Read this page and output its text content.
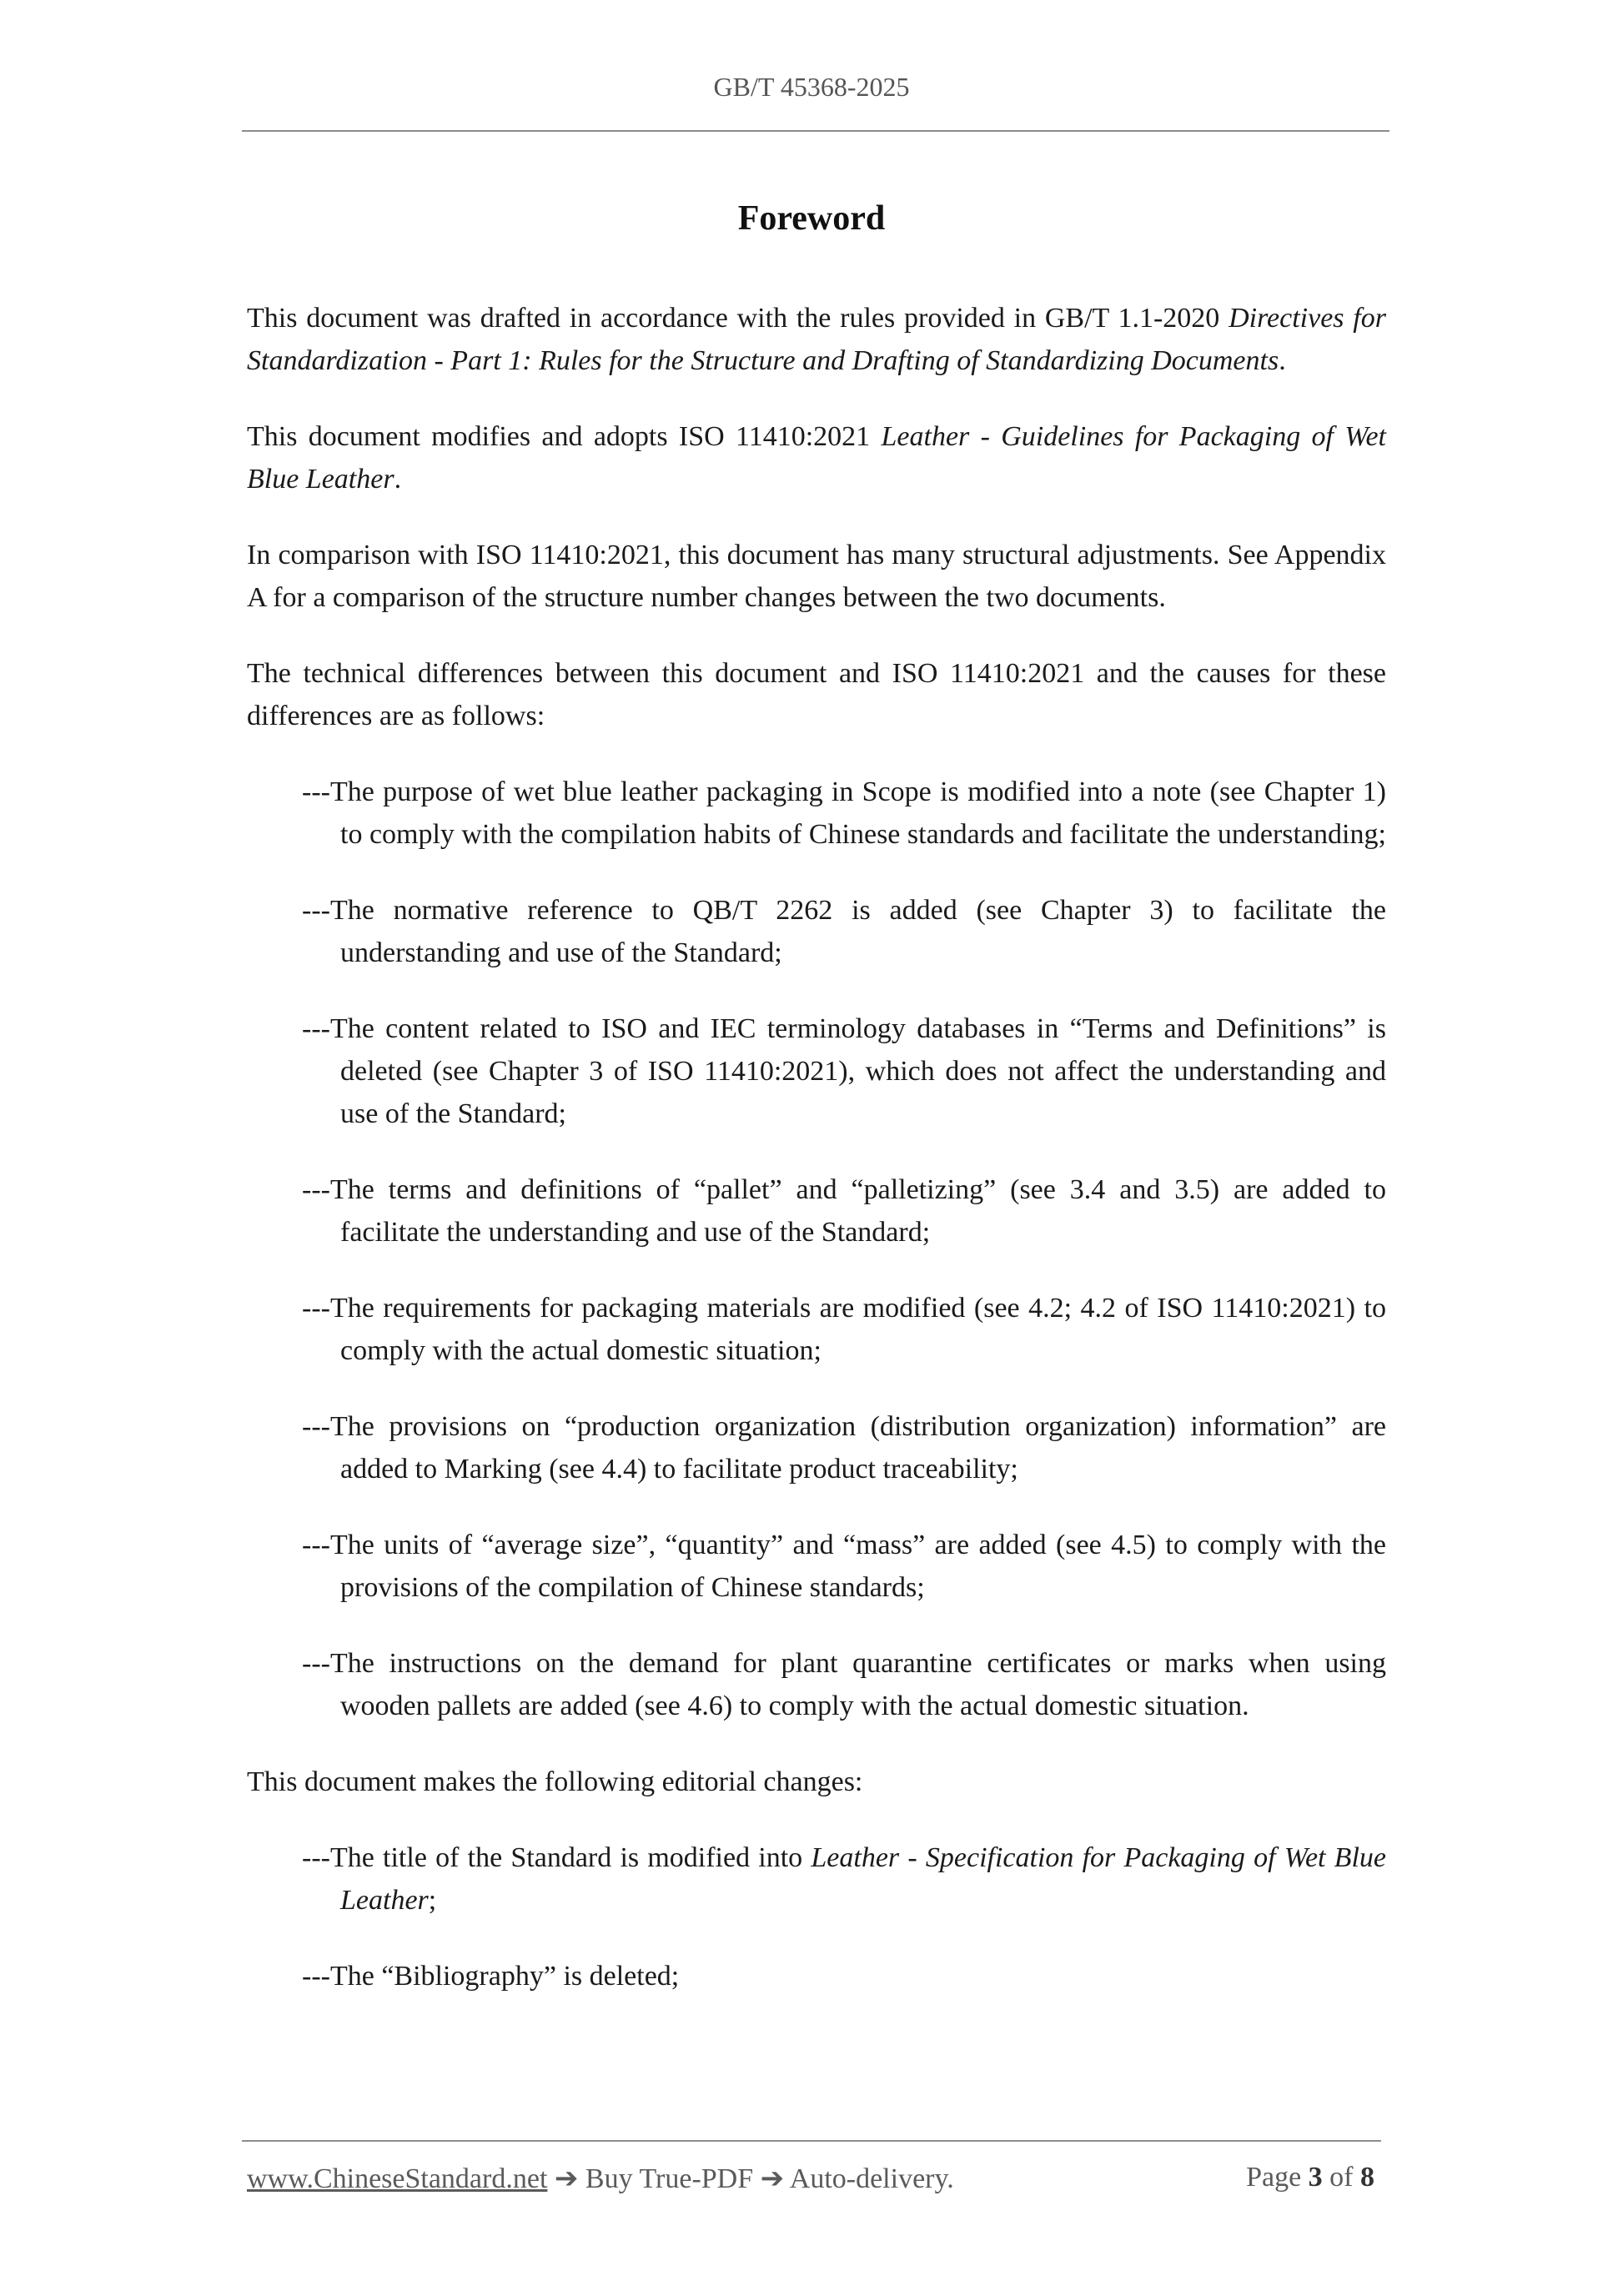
GB/T 45368-2025
Foreword

This document was drafted in accordance with the rules provided in GB/T 1.1-2020 Directives for Standardization - Part 1: Rules for the Structure and Drafting of Standardizing Documents.

This document modifies and adopts ISO 11410:2021 Leather - Guidelines for Packaging of Wet Blue Leather.

In comparison with ISO 11410:2021, this document has many structural adjustments. See Appendix A for a comparison of the structure number changes between the two documents.

The technical differences between this document and ISO 11410:2021 and the causes for these differences are as follows:

---The purpose of wet blue leather packaging in Scope is modified into a note (see Chapter 1) to comply with the compilation habits of Chinese standards and facilitate the understanding;

---The normative reference to QB/T 2262 is added (see Chapter 3) to facilitate the understanding and use of the Standard;

---The content related to ISO and IEC terminology databases in “Terms and Definitions” is deleted (see Chapter 3 of ISO 11410:2021), which does not affect the understanding and use of the Standard;

---The terms and definitions of “pallet” and “palletizing” (see 3.4 and 3.5) are added to facilitate the understanding and use of the Standard;

---The requirements for packaging materials are modified (see 4.2; 4.2 of ISO 11410:2021) to comply with the actual domestic situation;

---The provisions on “production organization (distribution organization) information” are added to Marking (see 4.4) to facilitate product traceability;

---The units of “average size”, “quantity” and “mass” are added (see 4.5) to comply with the provisions of the compilation of Chinese standards;

---The instructions on the demand for plant quarantine certificates or marks when using wooden pallets are added (see 4.6) to comply with the actual domestic situation.

This document makes the following editorial changes:

---The title of the Standard is modified into Leather - Specification for Packaging of Wet Blue Leather;

---The “Bibliography” is deleted;

www.ChineseStandard.net ➔ Buy True-PDF ➔ Auto-delivery.	Page 3 of 8
